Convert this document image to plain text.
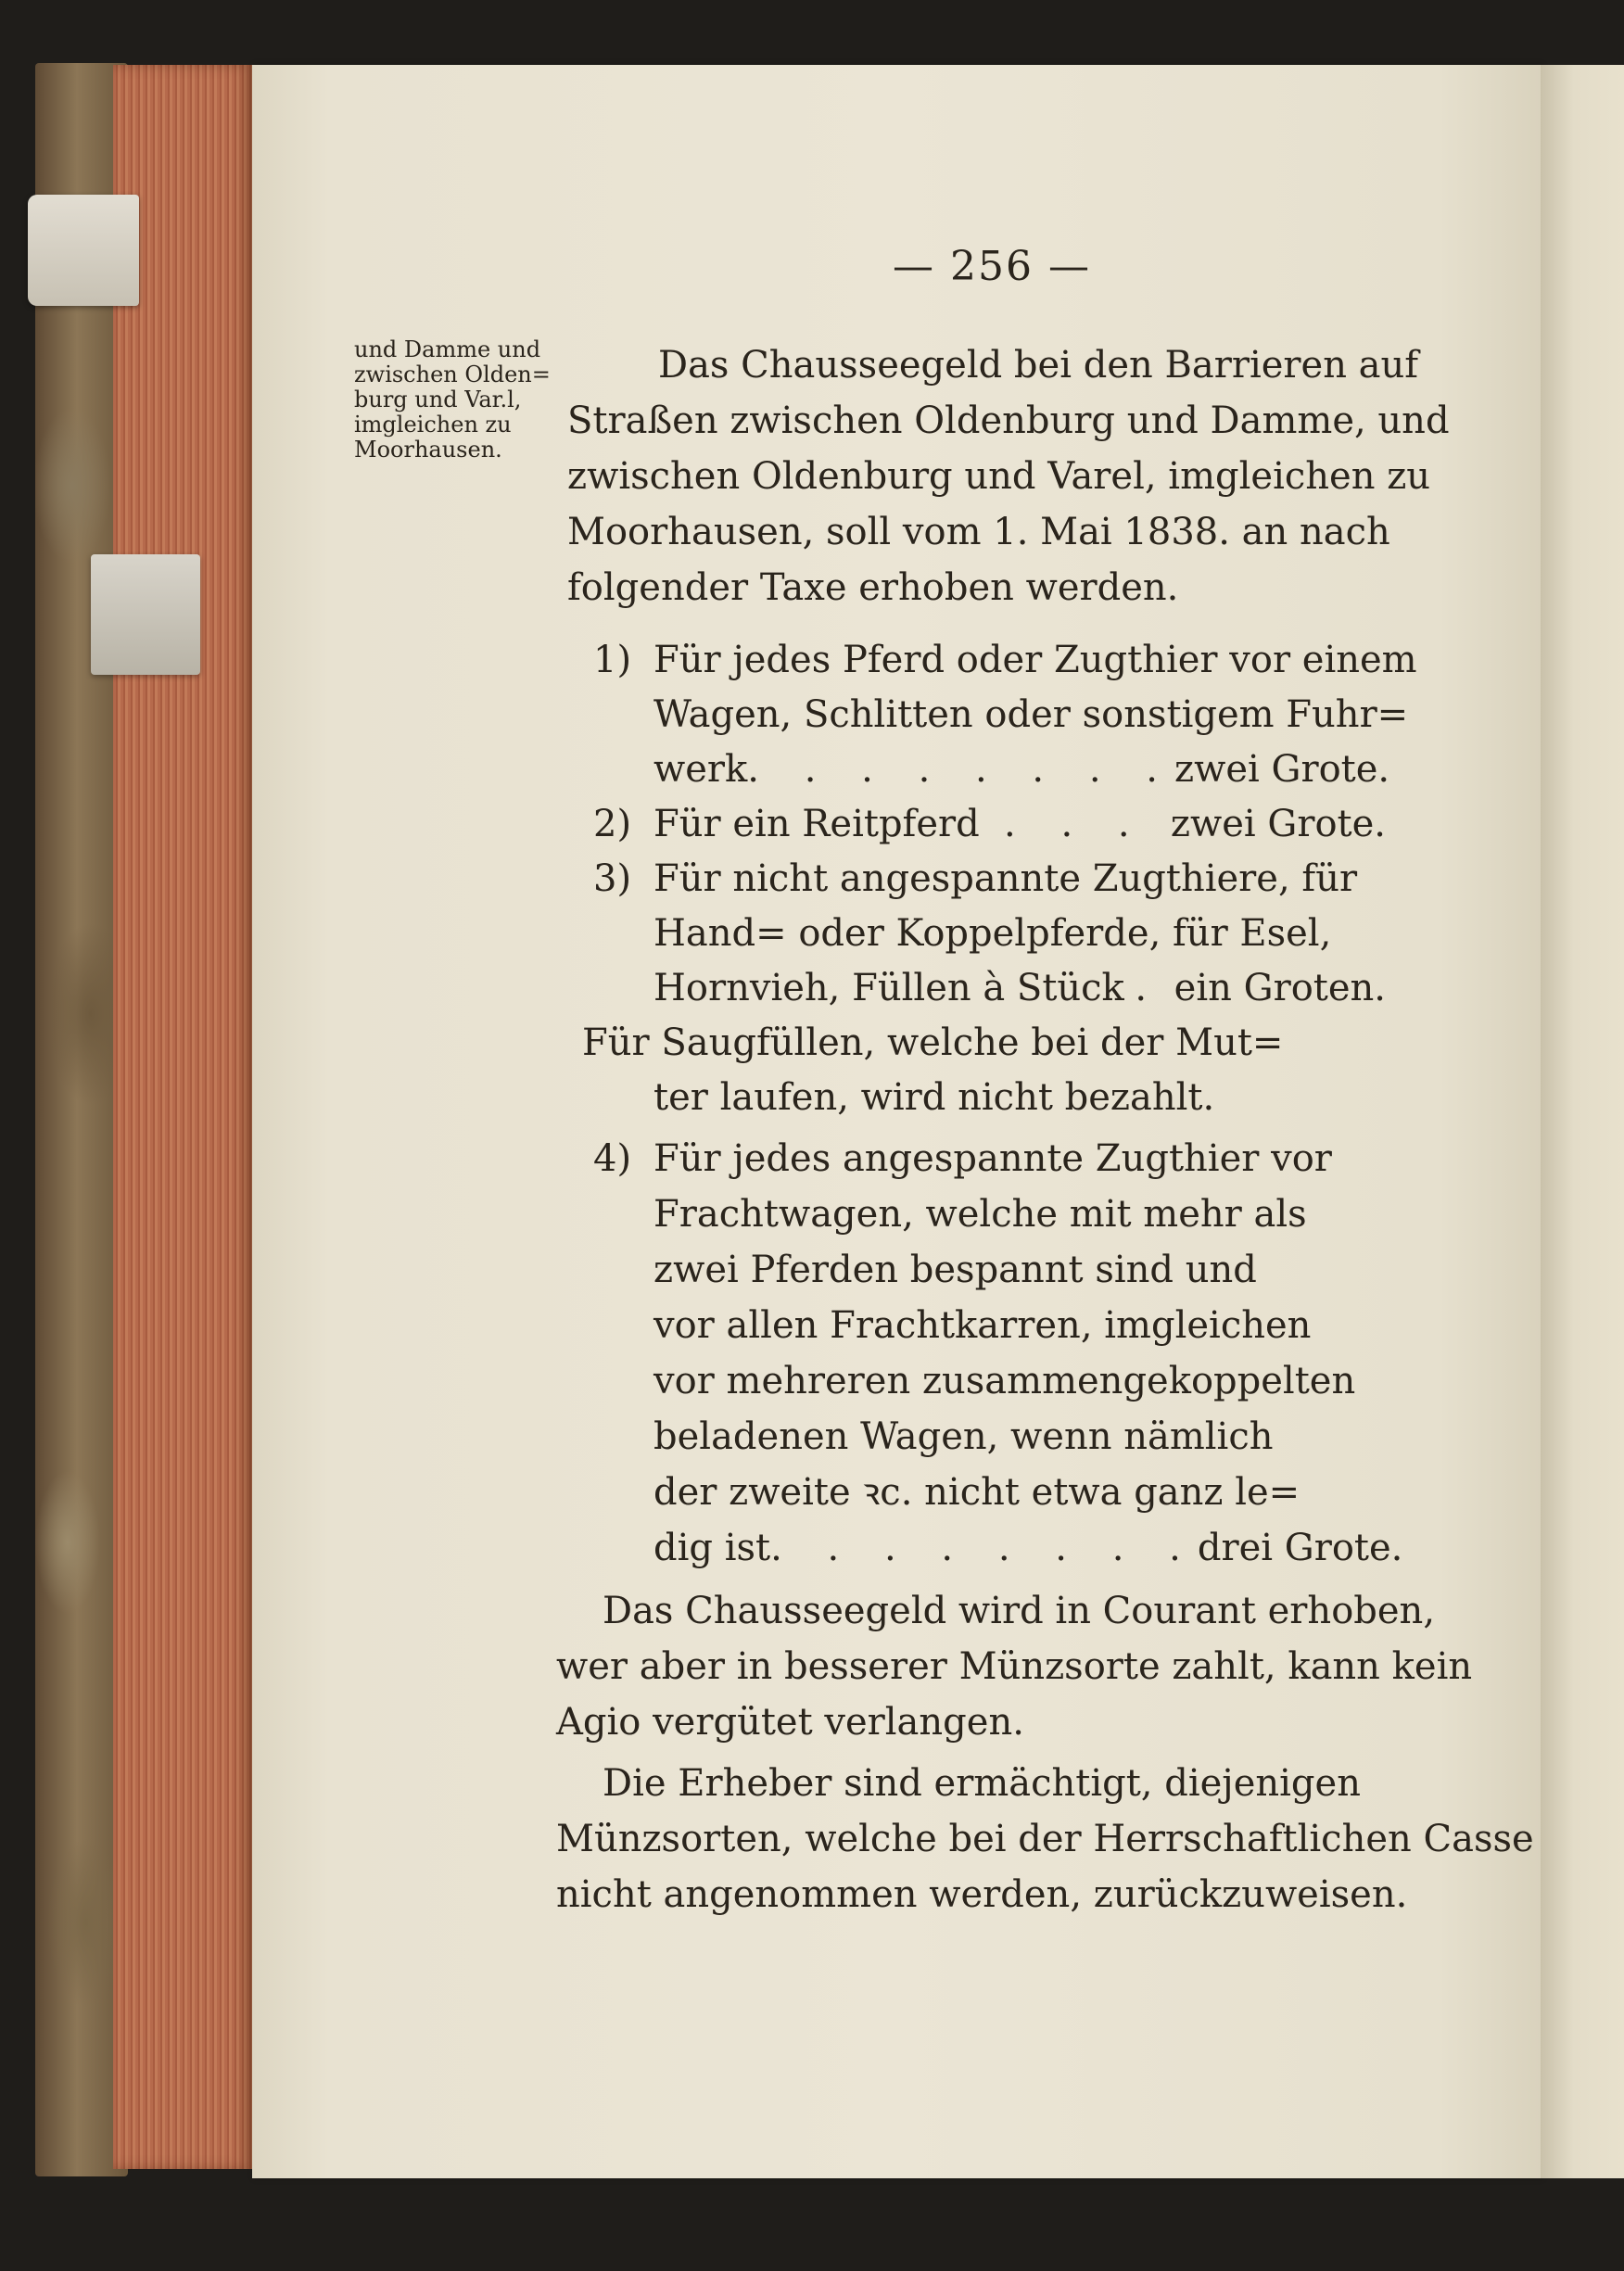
— 256 —
und Damme und
zwischen Olden=
burg und Var.l,
imgleichen zu
Moorhausen.
Das Chausseegeld bei den Barrieren auf
Straßen zwischen Oldenburg und Damme, und
zwischen Oldenburg und Varel, imgleichen zu
Moorhausen, soll vom 1. Mai 1838. an nach
folgender Taxe erhoben werden.
1) Für jedes Pferd oder Zugthier vor einem
Wagen, Schlitten oder sonstigem Fuhr=
werk . . . . . . . . zwei Grote.
2) Für ein Reitpferd . . . zwei Grote.
3) Für nicht angespannte Zugthiere, für
Hand= oder Koppelpferde, für Esel,
Hornvieh, Füllen à Stück . ein Groten.
Für Saugfüllen, welche bei der Mut=
ter laufen, wird nicht bezahlt.
4) Für jedes angespannte Zugthier vor
Frachtwagen, welche mit mehr als
zwei Pferden bespannt sind und
vor allen Frachtkarren, imgleichen
vor mehreren zusammengekoppelten
beladenen Wagen, wenn nämlich
der zweite ꝛc. nicht etwa ganz le=
dig ist . . . . . . . . drei Grote.
Das Chausseegeld wird in Courant erhoben,
wer aber in besserer Münzsorte zahlt, kann kein
Agio vergütet verlangen.
Die Erheber sind ermächtigt, diejenigen
Münzsorten, welche bei der Herrschaftlichen Casse
nicht angenommen werden, zurückzuweisen.
